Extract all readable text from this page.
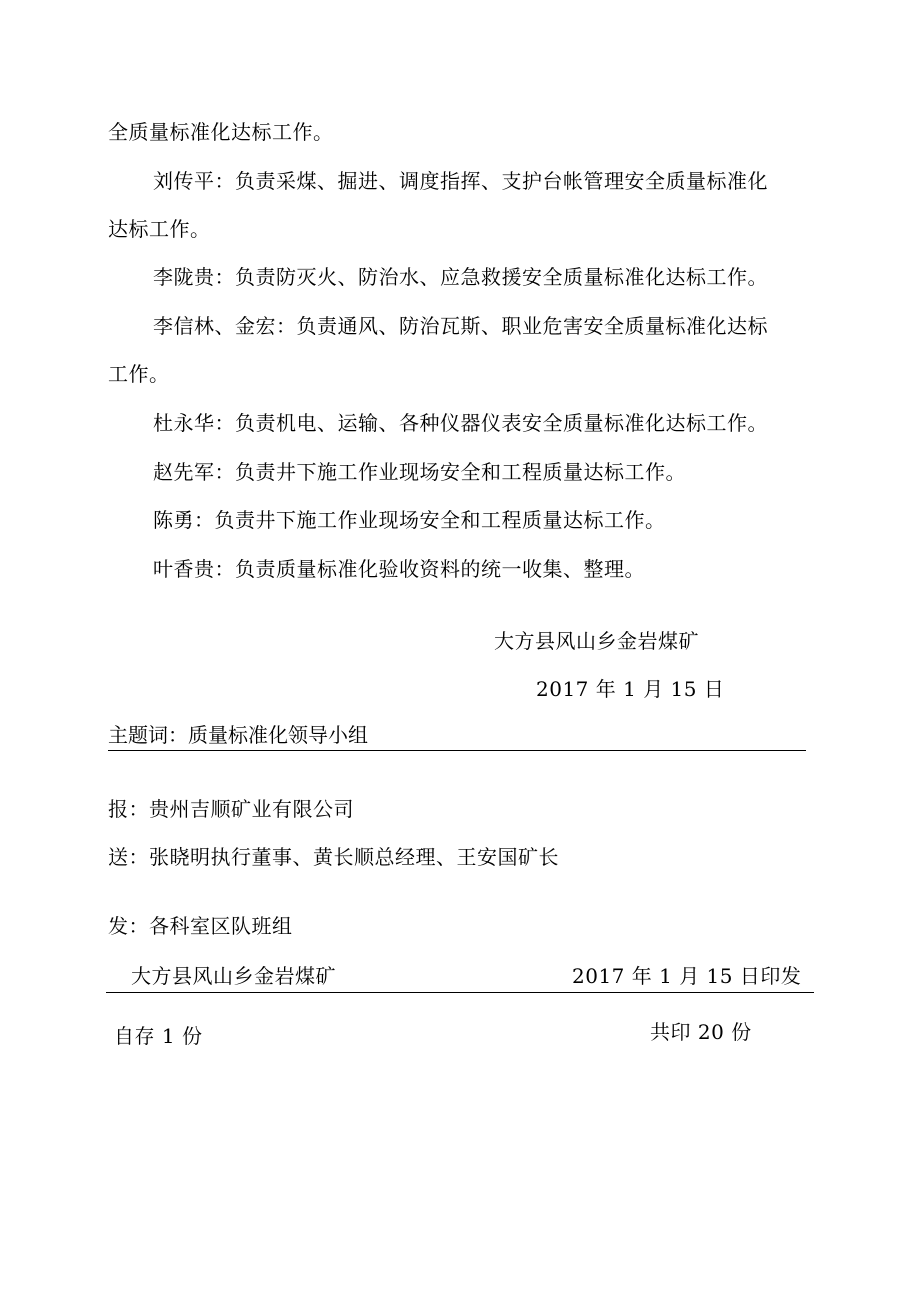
全质量标准化达标工作。
刘传平：负责采煤、掘进、调度指挥、支护台帐管理安全质量标准化
达标工作。
李陇贵：负责防灭火、防治水、应急救援安全质量标准化达标工作。
李信林、金宏：负责通风、防治瓦斯、职业危害安全质量标准化达标
工作。
杜永华：负责机电、运输、各种仪器仪表安全质量标准化达标工作。
赵先军：负责井下施工作业现场安全和工程质量达标工作。
陈勇：负责井下施工作业现场安全和工程质量达标工作。
叶香贵：负责质量标准化验收资料的统一收集、整理。
大方县风山乡金岩煤矿
2017 年 1 月 15 日
主题词：质量标准化领导小组
报：贵州吉顺矿业有限公司
送：张晓明执行董事、黄长顺总经理、王安国矿长
发：各科室区队班组
大方县风山乡金岩煤矿	2017 年 1 月 15 日印发
自存 1 份	共印 20 份
